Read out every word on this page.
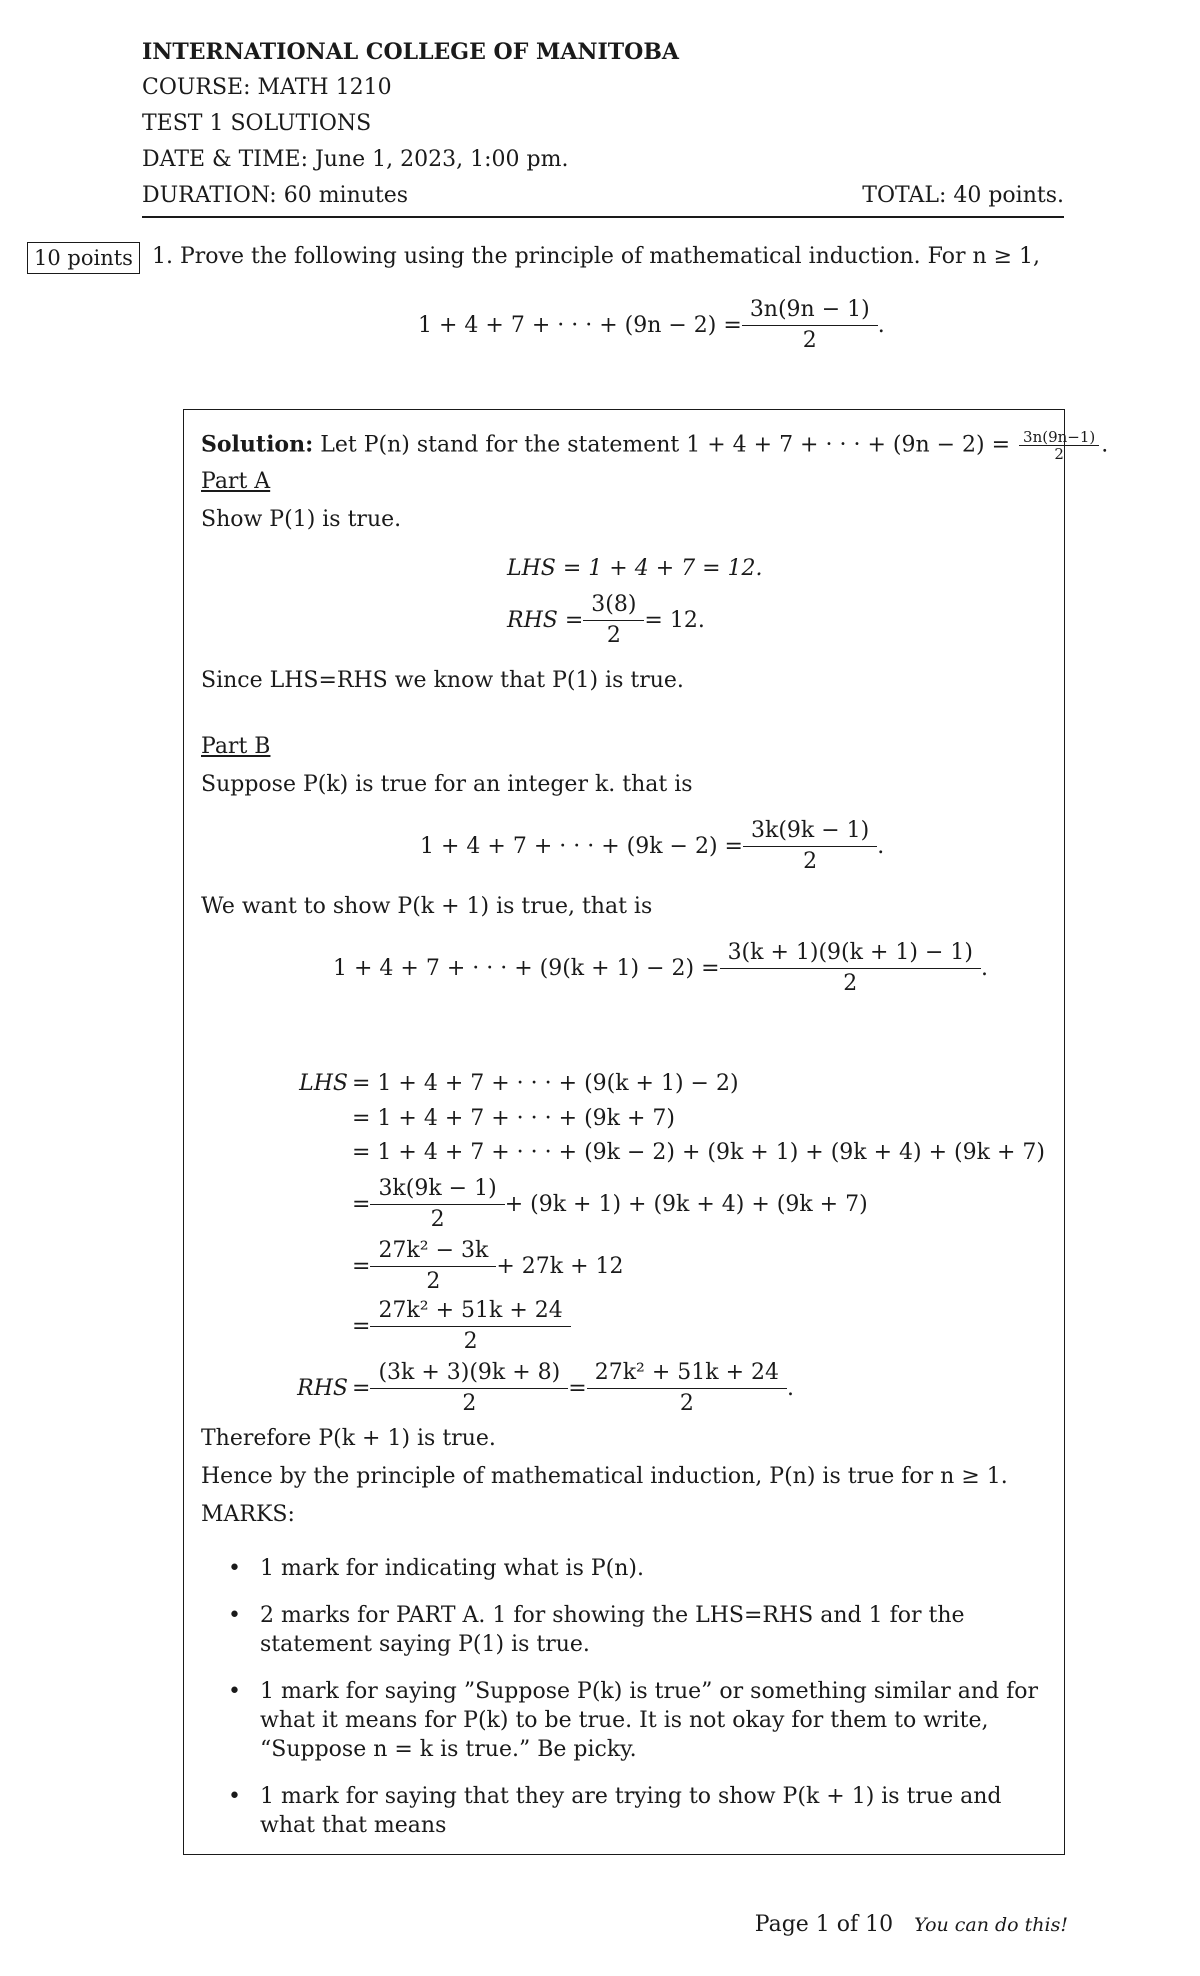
INTERNATIONAL COLLEGE OF MANITOBA
COURSE: MATH 1210
TEST 1 SOLUTIONS
DATE & TIME: June 1, 2023, 1:00 pm.
DURATION: 60 minutes	TOTAL: 40 points.
10 points 1. Prove the following using the principle of mathematical induction. For n ≥ 1,
1 + 4 + 7 + · · · + $(9n - 2) = \frac{3n(9n - 1)}{2}$ .
Solution: Let P(n) stand for the statement 1 + 4 + 7 + · · · + $(9n - 2) = \frac{3n(9n-1)}{2}$ .
Part A
Show P(1) is true.
LHS = 1 + 4 + 7 = 12.
RHS = $\frac{3(8)}{2} = 12$.
Since LHS=RHS we know that P(1) is true.
Part B
Suppose P(k) is true for an integer k. that is
1 + 4 + 7 + · · · + $(9k - 2) = \frac{3k(9k - 1)}{2}$ .
We want to show P(k + 1) is true, that is
1 + 4 + 7 + · · · + $(9(k + 1) - 2) = \frac{3(k + 1)(9(k + 1) - 1)}{2}$ .
LHS = 1 + 4 + 7 + · · · + (9(k + 1) − 2)
= 1 + 4 + 7 + · · · + (9k + 7)
= 1 + 4 + 7 + · · · + (9k − 2) + (9k + 1) + (9k + 4) + (9k + 7)
= $\frac{3k(9k - 1)}{2} + (9k + 1) + (9k + 4) + (9k + 7)$
= $\frac{\text{27k² − 3k}}{2} + 27k + 12$
= $\frac{\text{27k² + 51k + 24}}{2}$
RHS = $\frac{(3k + 3)(9k + 8)}{2} = \frac{\text{27k² + 51k + 24}}{2}$ .
Therefore P(k + 1) is true.
Hence by the principle of mathematical induction, P(n) is true for n ≥ 1.
MARKS:
• 1 mark for indicating what is P(n).
• 2 marks for PART A. 1 for showing the LHS=RHS and 1 for the statement saying P(1) is true.
• 1 mark for saying ”Suppose P(k) is true” or something similar and for what it means for P(k) to be true. It is not okay for them to write, “Suppose n = k is true.” Be picky.
• 1 mark for saying that they are trying to show P(k + 1) is true and what that means
Page 1 of 10 You can do this!
